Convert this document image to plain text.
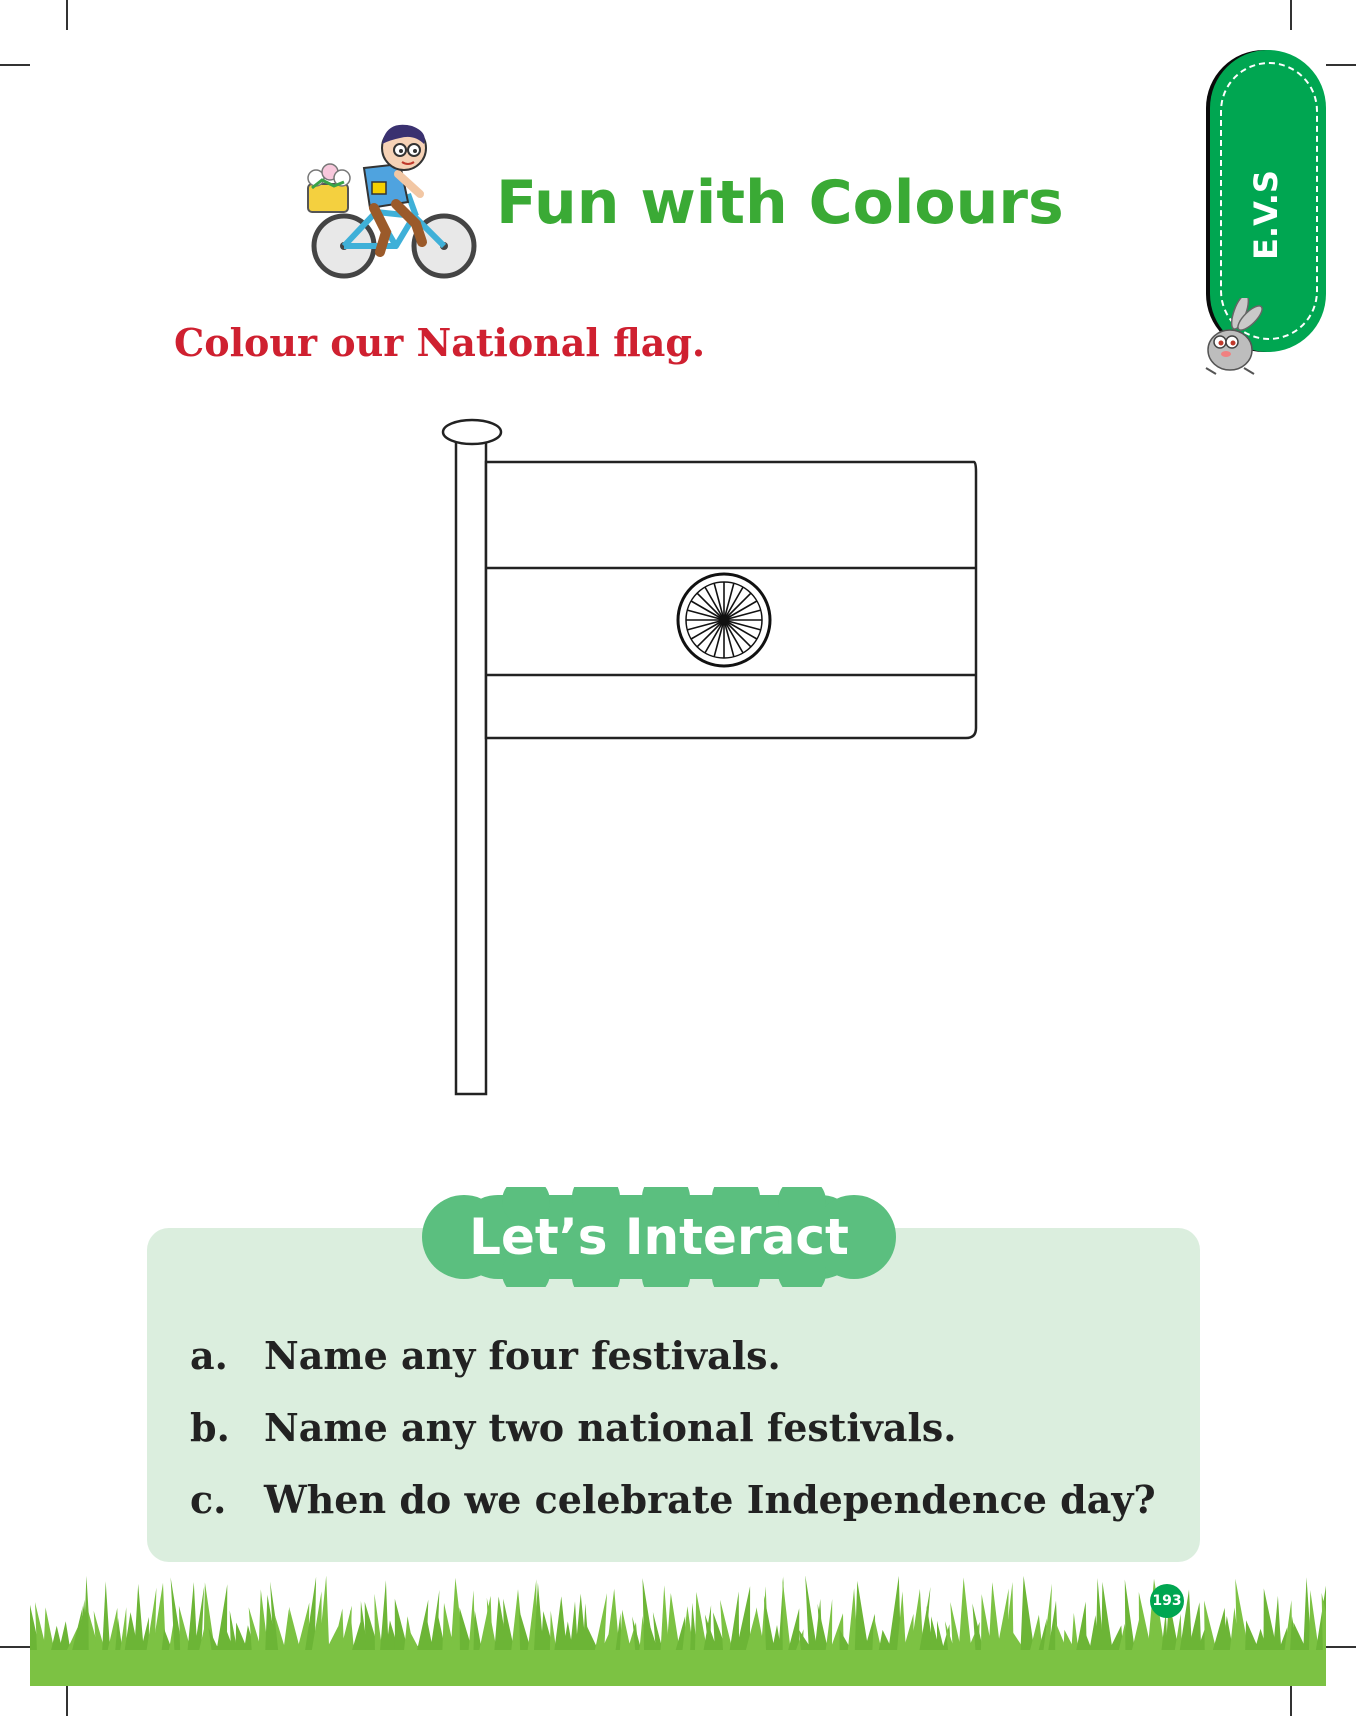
Fun with Colours
Colour our National flag.
E.V.S
Let’s Interact
a. Name any four festivals.
b. Name any two national festivals.
c. When do we celebrate Independence day?
193
